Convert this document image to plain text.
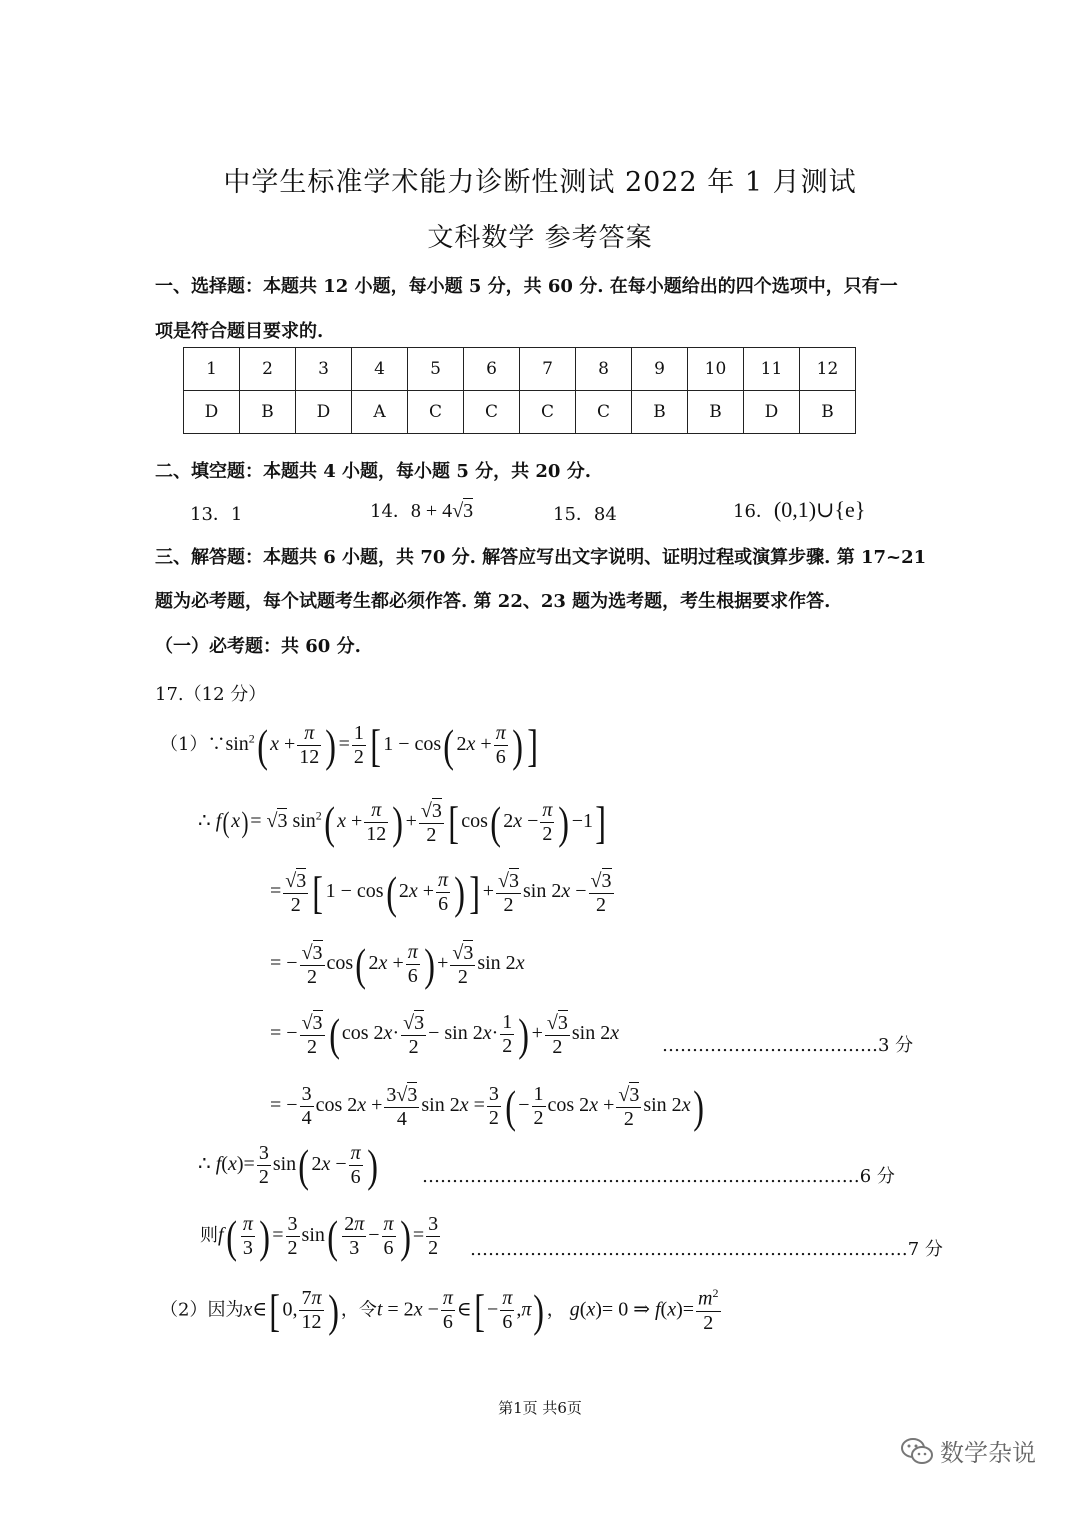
中学生标准学术能力诊断性测试 2022 年 1 月测试
文科数学 参考答案
一、选择题：本题共 12 小题，每小题 5 分，共 60 分. 在每小题给出的四个选项中，只有一
项是符合题目要求的.
1	2	3	4	5	6	7	8	9	10	11	12
D	B	D	A	C	C	C	C	B	B	D	B
二、填空题：本题共 4 小题，每小题 5 分，共 20 分.
13．1	14．8 + 4√3	15．84	16．(0,1)∪{e}
三、解答题：本题共 6 小题，共 70 分. 解答应写出文字说明、证明过程或演算步骤. 第 17~21
题为必考题，每个试题考生都必须作答. 第 22、23 题为选考题，考生根据要求作答.
（一）必考题：共 60 分.
17.（12 分）
$(1)\because\sin^2$( $x + \frac{\pi}{12}$ ) = $\frac{1}{2}$ [ 1 − cos( $2x + \frac{\pi}{6}$ )]
∴ f(x)= √3 $\sin^2$( $x + \frac{\pi}{12}$ ) + $\frac{√3}{2}$ [ cos( $2x - \frac{\pi}{2}$ ) −1]
= $\frac{√3}{2}$ [ 1 − cos( $2x + \frac{\pi}{6}$ )] + $\frac{√3}{2}$ $\sin 2x - \frac{√3}{2}$
= − $\frac{√3}{2} \cos$( $2x + \frac{\pi}{6}$ ) + $\frac{√3}{2}$ sin 2x
= − $\frac{√3}{2}$ ( $\cos 2x\cdot \frac{√3}{2} - \sin 2x\cdot \frac{1}{2}$ ) + $\frac{√3}{2}$ sin 2x
………………………………3 分
= − $\frac{3}{4}$ $\cos 2x + \frac{3√3}{4}$ $\sin 2x = \frac{3}{2}$ ( − $\frac{1}{2}$ $\cos 2x + \frac{√3}{2}$ sin 2x)
∴ $f(x)= \frac{3}{2} \sin$( $2x - \frac{\pi}{6}$ ) …………………………………………………….…………6 分
则$f( \frac{\pi}{3}$ ) = $\frac{3}{2} \sin( \frac{2\pi}{3} - \frac{\pi}{6}$ ) = $\frac{3}{2}$ ………………………………………………………….……7 分
（2）因为x∈[ 0, $\frac{7\pi}{12}$ ) ，令$t = 2x - \frac{\pi}{6}$ ∈[ − $\frac{\pi}{6} ,\pi$) ， g(x)= 0 ⇒ $f(x)= \frac{m^2}{2}$
第1页 共6页
数学杂说
